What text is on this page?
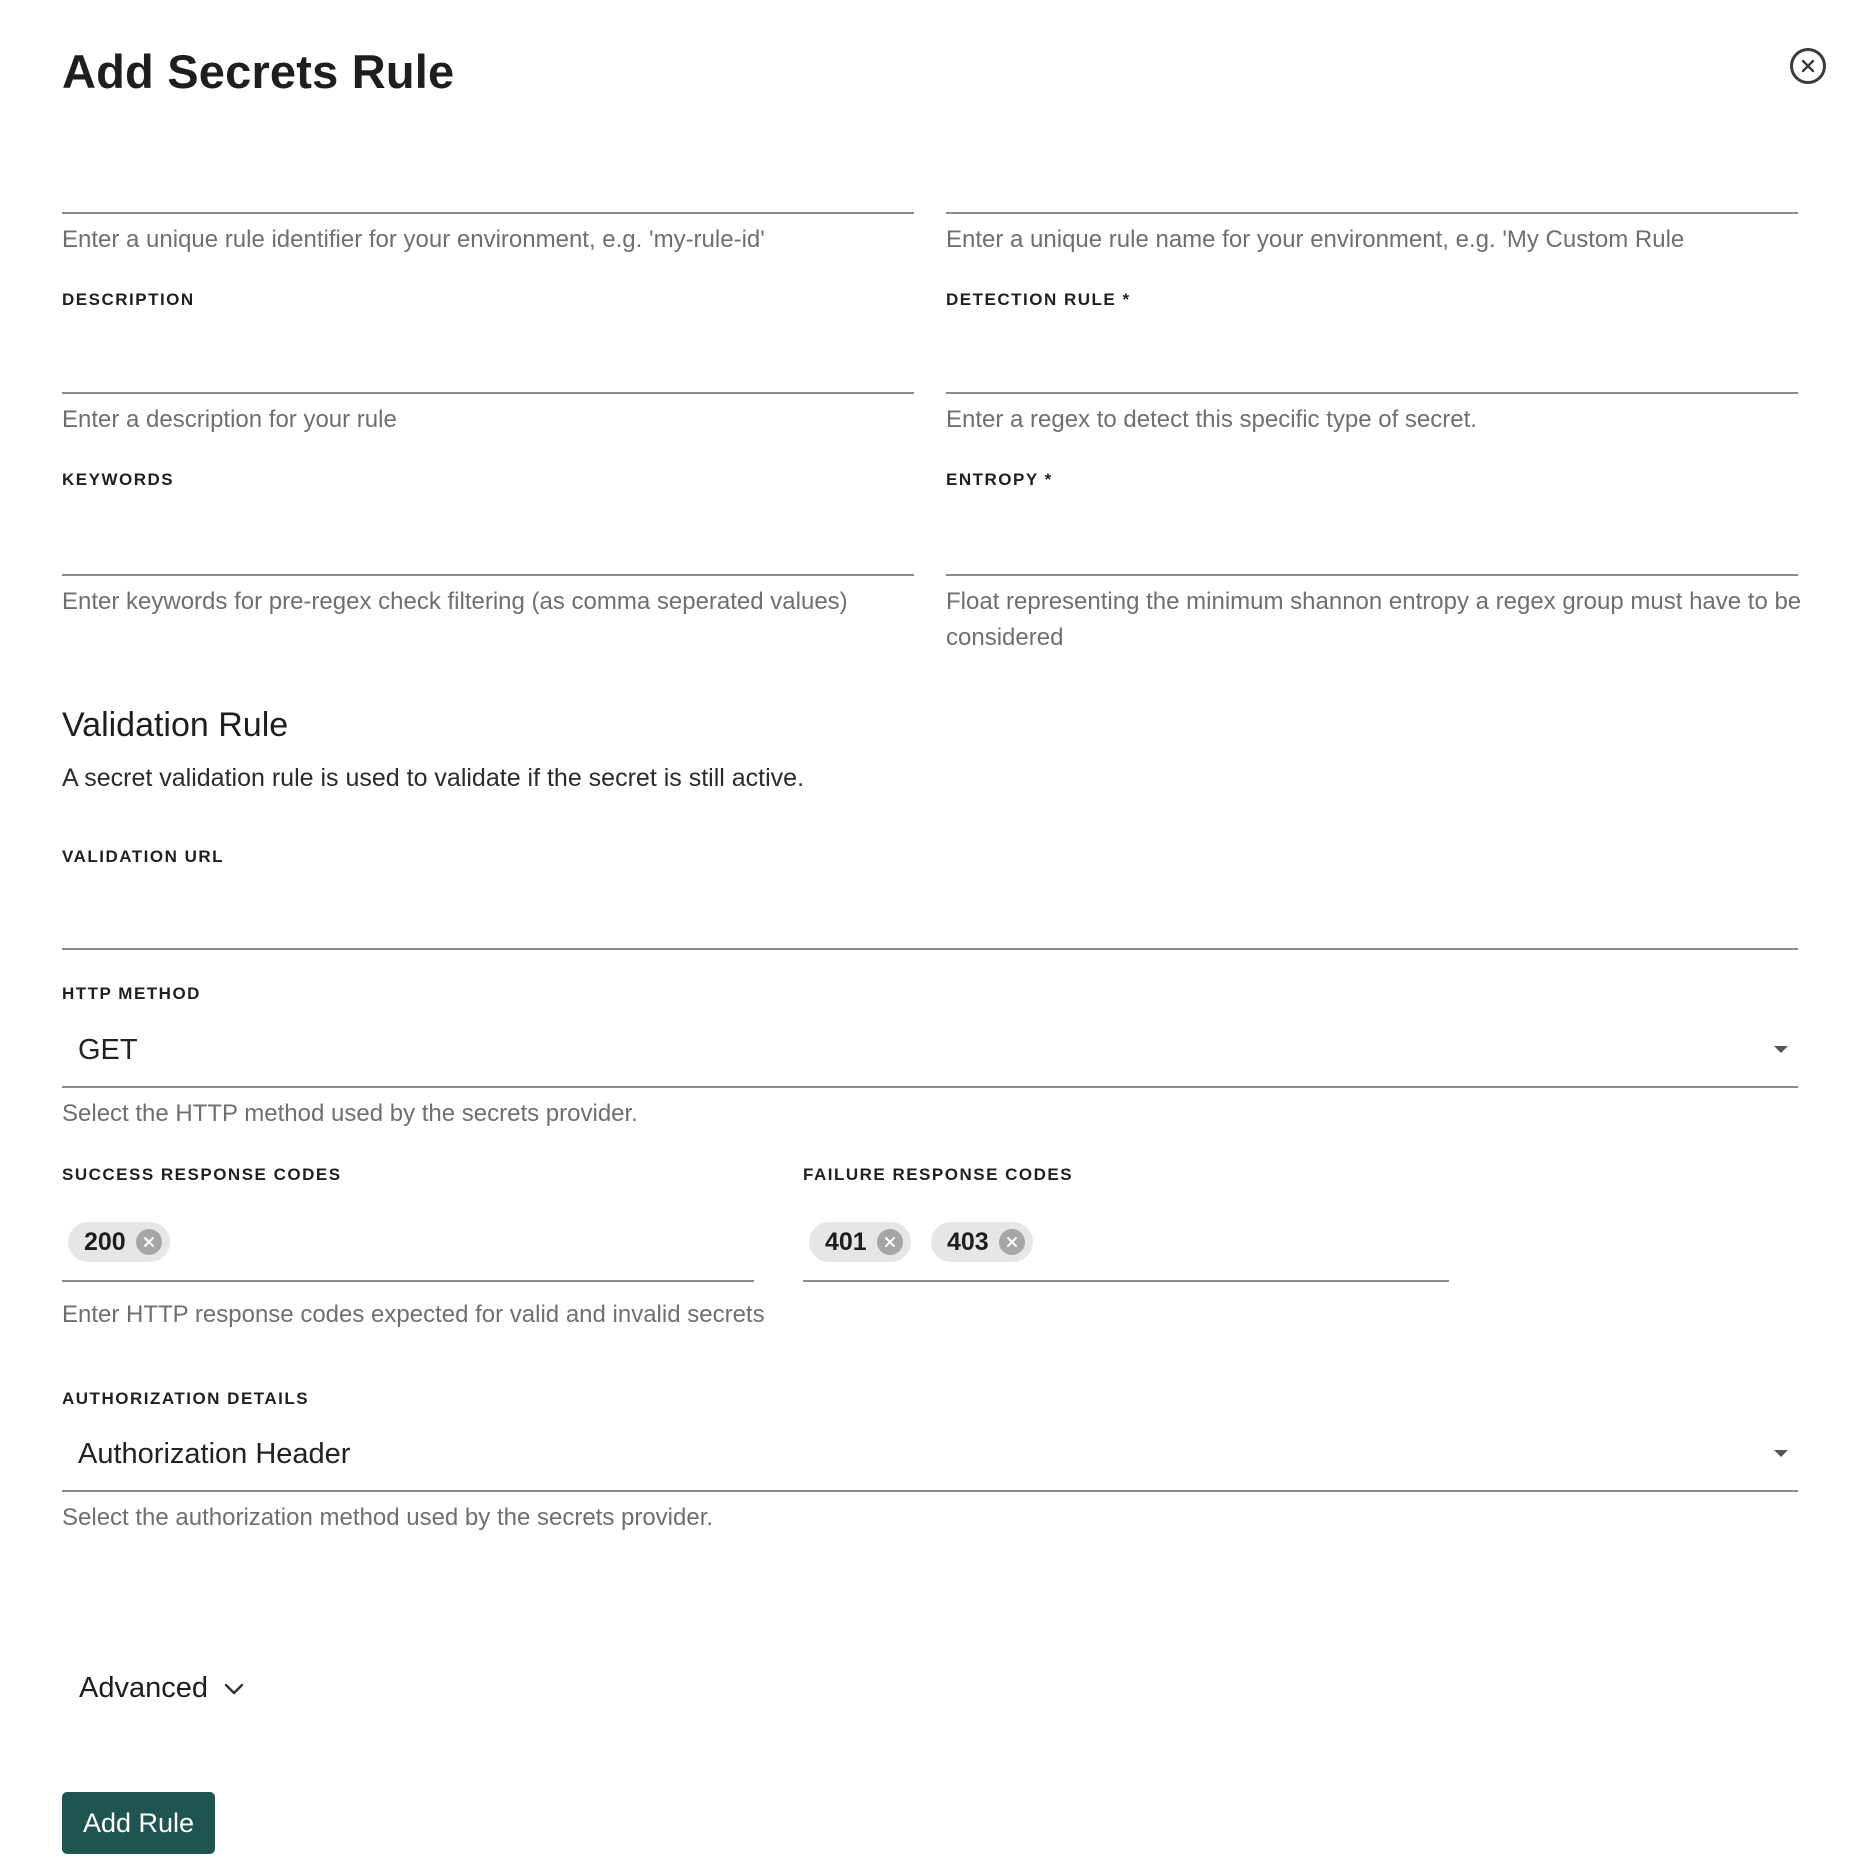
Add Secrets Rule
Enter a unique rule identifier for your environment, e.g. 'my-rule-id'	Enter a unique rule name for your environment, e.g. 'My Custom Rule
DESCRIPTION
Enter a description for your rule
DETECTION RULE *
Enter a regex to detect this specific type of secret.
KEYWORDS
Enter keywords for pre-regex check filtering (as comma seperated values)
ENTROPY *
Float representing the minimum shannon entropy a regex group must have to be considered
Validation Rule
A secret validation rule is used to validate if the secret is still active.
VALIDATION URL
HTTP METHOD
GET
Select the HTTP method used by the secrets provider.
SUCCESS RESPONSE CODES
200
FAILURE RESPONSE CODES
401	403
Enter HTTP response codes expected for valid and invalid secrets
AUTHORIZATION DETAILS
Authorization Header
Select the authorization method used by the secrets provider.
Advanced
Add Rule
